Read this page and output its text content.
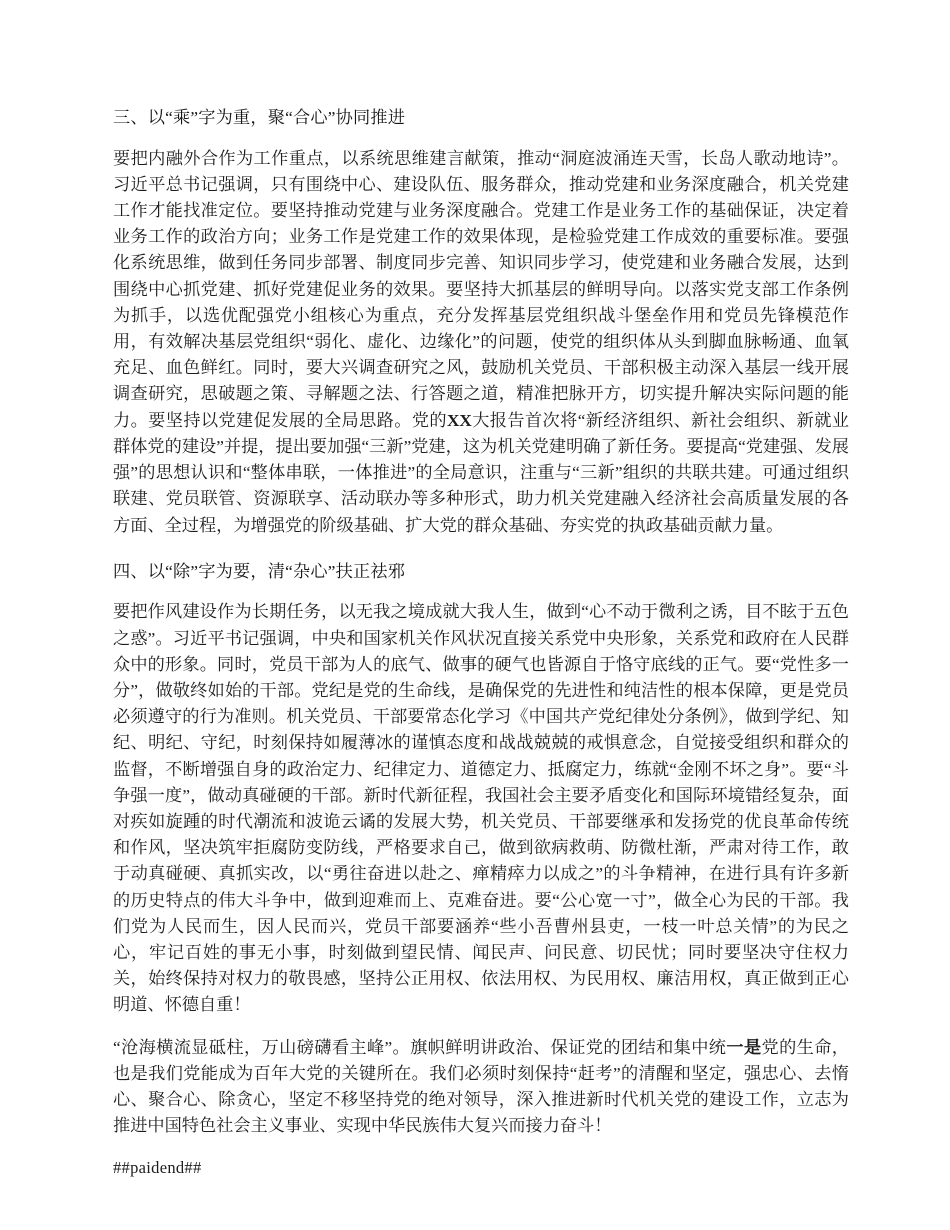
三、以“乘”字为重，聚“合心”协同推进

要把内融外合作为工作重点，以系统思维建言献策，推动“洞庭波涌连天雪，长岛人歌动地诗”。习近平总书记强调，只有围绕中心、建设队伍、服务群众，推动党建和业务深度融合，机关党建工作才能找准定位。要坚持推动党建与业务深度融合。党建工作是业务工作的基础保证，决定着业务工作的政治方向；业务工作是党建工作的效果体现，是检验党建工作成效的重要标准。要强化系统思维，做到任务同步部署、制度同步完善、知识同步学习，使党建和业务融合发展，达到围绕中心抓党建、抓好党建促业务的效果。要坚持大抓基层的鲜明导向。以落实党支部工作条例为抓手，以选优配强党小组核心为重点，充分发挥基层党组织战斗堡垒作用和党员先锋模范作用，有效解决基层党组织“弱化、虚化、边缘化”的问题，使党的组织体从头到脚血脉畅通、血氧充足、血色鲜红。同时，要大兴调查研究之风，鼓励机关党员、干部积极主动深入基层一线开展调查研究，思破题之策、寻解题之法、行答题之道，精准把脉开方，切实提升解决实际问题的能力。要坚持以党建促发展的全局思路。党的XX大报告首次将“新经济组织、新社会组织、新就业群体党的建设”并提，提出要加强“三新”党建，这为机关党建明确了新任务。要提高“党建强、发展强”的思想认识和“整体串联，一体推进”的全局意识，注重与“三新”组织的共联共建。可通过组织联建、党员联管、资源联享、活动联办等多种形式，助力机关党建融入经济社会高质量发展的各方面、全过程，为增强党的阶级基础、扩大党的群众基础、夯实党的执政基础贡献力量。

四、以“除”字为要，清“杂心”扶正祛邪

要把作风建设作为长期任务，以无我之境成就大我人生，做到“心不动于微利之诱，目不眩于五色之惑”。习近平书记强调，中央和国家机关作风状况直接关系党中央形象，关系党和政府在人民群众中的形象。同时，党员干部为人的底气、做事的硬气也皆源自于恪守底线的正气。要“党性多一分”，做敬终如始的干部。党纪是党的生命线，是确保党的先进性和纯洁性的根本保障，更是党员必须遵守的行为准则。机关党员、干部要常态化学习《中国共产党纪律处分条例》，做到学纪、知纪、明纪、守纪，时刻保持如履薄冰的谨慎态度和战战兢兢的戒惧意念，自觉接受组织和群众的监督，不断增强自身的政治定力、纪律定力、道德定力、抵腐定力，练就“金刚不坏之身”。要“斗争强一度”，做动真碰硬的干部。新时代新征程，我国社会主要矛盾变化和国际环境错经复杂，面对疾如旋踵的时代潮流和波诡云谲的发展大势，机关党员、干部要继承和发扬党的优良革命传统和作风，坚决筑牢拒腐防变防线，严格要求自己，做到欲病救萌、防微杜渐，严肃对待工作，敢于动真碰硬、真抓实改，以“勇往奋进以赴之、瘅精瘁力以成之”的斗争精神，在进行具有许多新的历史特点的伟大斗争中，做到迎难而上、克难奋进。要“公心宽一寸”，做全心为民的干部。我们党为人民而生，因人民而兴，党员干部要涵养“些小吾曹州县吏，一枝一叶总关情”的为民之心，牢记百姓的事无小事，时刻做到望民情、闻民声、问民意、切民忧；同时要坚决守住权力关，始终保持对权力的敬畏感，坚持公正用权、依法用权、为民用权、廉洁用权，真正做到正心明道、怀德自重！

“沧海横流显砥柱，万山磅礴看主峰”。旗帜鲜明讲政治、保证党的团结和集中统一是党的生命，也是我们党能成为百年大党的关键所在。我们必须时刻保持“赶考”的清醒和坚定，强忠心、去惰心、聚合心、除贪心，坚定不移坚持党的绝对领导，深入推进新时代机关党的建设工作，立志为推进中国特色社会主义事业、实现中华民族伟大复兴而接力奋斗！

##paidend##
